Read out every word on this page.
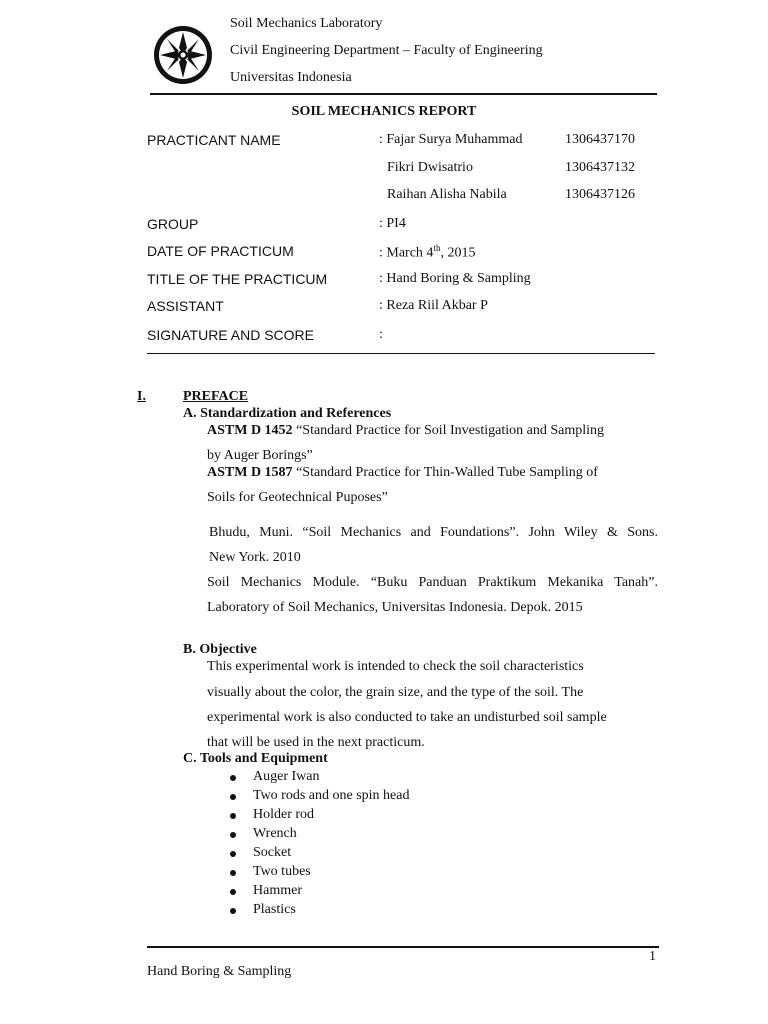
Soil Mechanics Laboratory
Civil Engineering Department – Faculty of Engineering
Universitas Indonesia
SOIL MECHANICS REPORT
PRACTICANT NAME	: Fajar Surya Muhammad	1306437170
Fikri Dwisatrio	1306437132
Raihan Alisha Nabila	1306437126
GROUP	: PI4
DATE OF PRACTICUM	: March 4th, 2015
TITLE OF THE PRACTICUM	: Hand Boring & Sampling
ASSISTANT	: Reza Riil Akbar P
SIGNATURE AND SCORE	:
I.	PREFACE
A. Standardization and References
ASTM D 1452 “Standard Practice for Soil Investigation and Sampling
by Auger Borings”
ASTM D 1587 “Standard Practice for Thin-Walled Tube Sampling of
Soils for Geotechnical Puposes”
Bhudu, Muni. “Soil Mechanics and Foundations”. John Wiley & Sons.
New York. 2010
Soil Mechanics Module. “Buku Panduan Praktikum Mekanika Tanah”.
Laboratory of Soil Mechanics, Universitas Indonesia. Depok. 2015
B. Objective
This experimental work is intended to check the soil characteristics
visually about the color, the grain size, and the type of the soil. The
experimental work is also conducted to take an undisturbed soil sample
that will be used in the next practicum.
C. Tools and Equipment
Auger Iwan
Two rods and one spin head
Holder rod
Wrench
Socket
Two tubes
Hammer
Plastics
1
Hand Boring & Sampling
